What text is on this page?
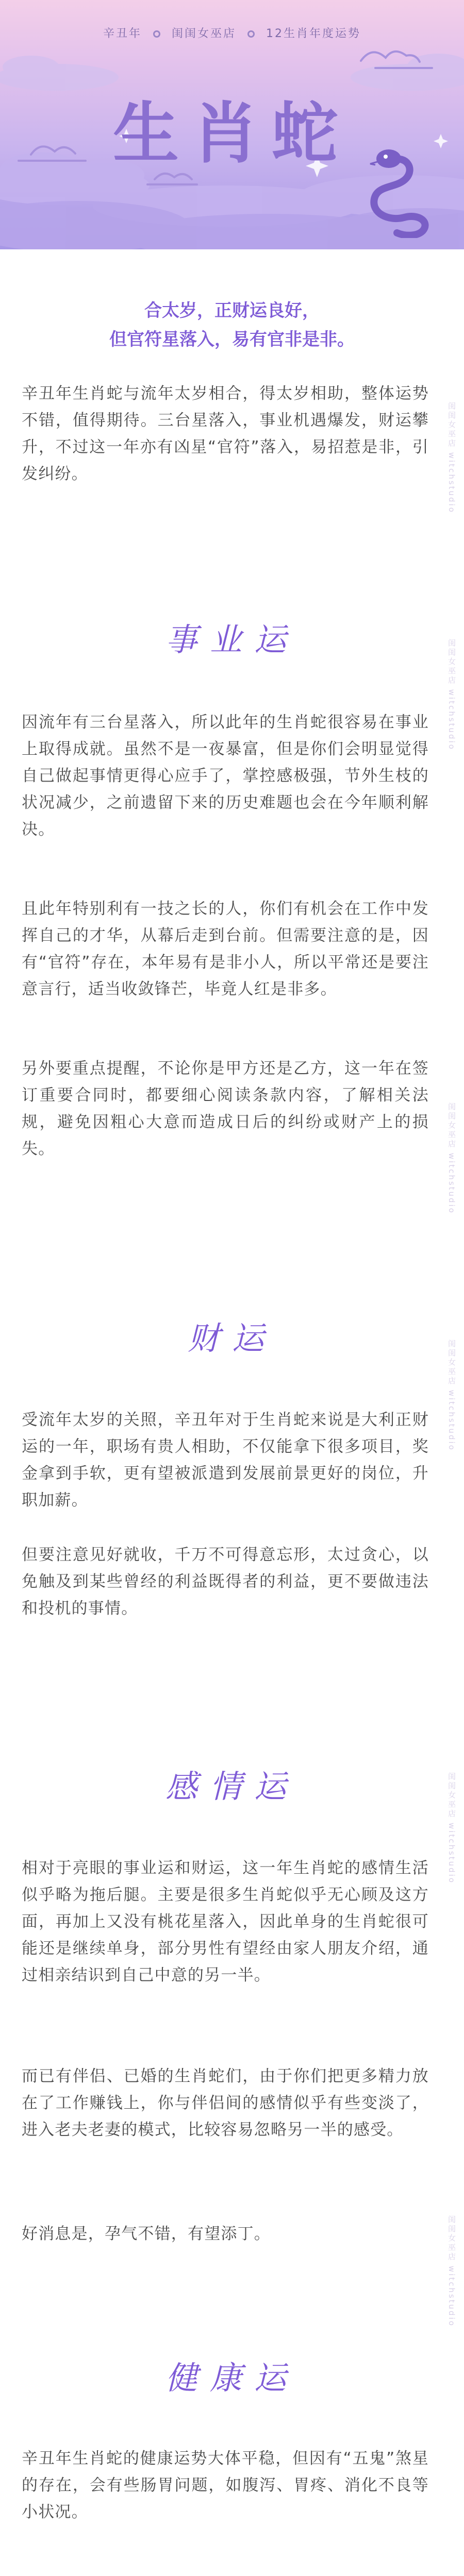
辛丑年	闺闺女巫店	12生肖年度运势
生肖蛇
合太岁，正财运良好，
但官符星落入，易有官非是非。

辛丑年生肖蛇与流年太岁相合，得太岁相助，整体运势不错，值得期待。三台星落入，事业机遇爆发，财运攀升，不过这一年亦有凶星“官符”落入，易招惹是非，引发纠纷。

事业运

因流年有三台星落入，所以此年的生肖蛇很容易在事业上取得成就。虽然不是一夜暴富，但是你们会明显觉得自己做起事情更得心应手了，掌控感极强，节外生枝的状况减少，之前遗留下来的历史难题也会在今年顺利解决。

且此年特别利有一技之长的人，你们有机会在工作中发挥自己的才华，从幕后走到台前。但需要注意的是，因有“官符”存在，本年易有是非小人，所以平常还是要注意言行，适当收敛锋芒，毕竟人红是非多。

另外要重点提醒，不论你是甲方还是乙方，这一年在签订重要合同时，都要细心阅读条款内容，了解相关法规，避免因粗心大意而造成日后的纠纷或财产上的损失。

财运

受流年太岁的关照，辛丑年对于生肖蛇来说是大利正财运的一年，职场有贵人相助，不仅能拿下很多项目，奖金拿到手软，更有望被派遣到发展前景更好的岗位，升职加薪。

但要注意见好就收，千万不可得意忘形，太过贪心，以免触及到某些曾经的利益既得者的利益，更不要做违法和投机的事情。

感情运

相对于亮眼的事业运和财运，这一年生肖蛇的感情生活似乎略为拖后腿。主要是很多生肖蛇似乎无心顾及这方面，再加上又没有桃花星落入，因此单身的生肖蛇很可能还是继续单身，部分男性有望经由家人朋友介绍，通过相亲结识到自己中意的另一半。

而已有伴侣、已婚的生肖蛇们，由于你们把更多精力放在了工作赚钱上，你与伴侣间的感情似乎有些变淡了，进入老夫老妻的模式，比较容易忽略另一半的感受。

好消息是，孕气不错，有望添丁。

健康运

辛丑年生肖蛇的健康运势大体平稳，但因有“五鬼”煞星的存在，会有些肠胃问题，如腹泻、胃疼、消化不良等小状况。

闺闺女巫店 witchstudio
闺闺女巫店 witchstudio
闺闺女巫店 witchstudio
闺闺女巫店 witchstudio
闺闺女巫店 witchstudio
闺闺女巫店 witchstudio
